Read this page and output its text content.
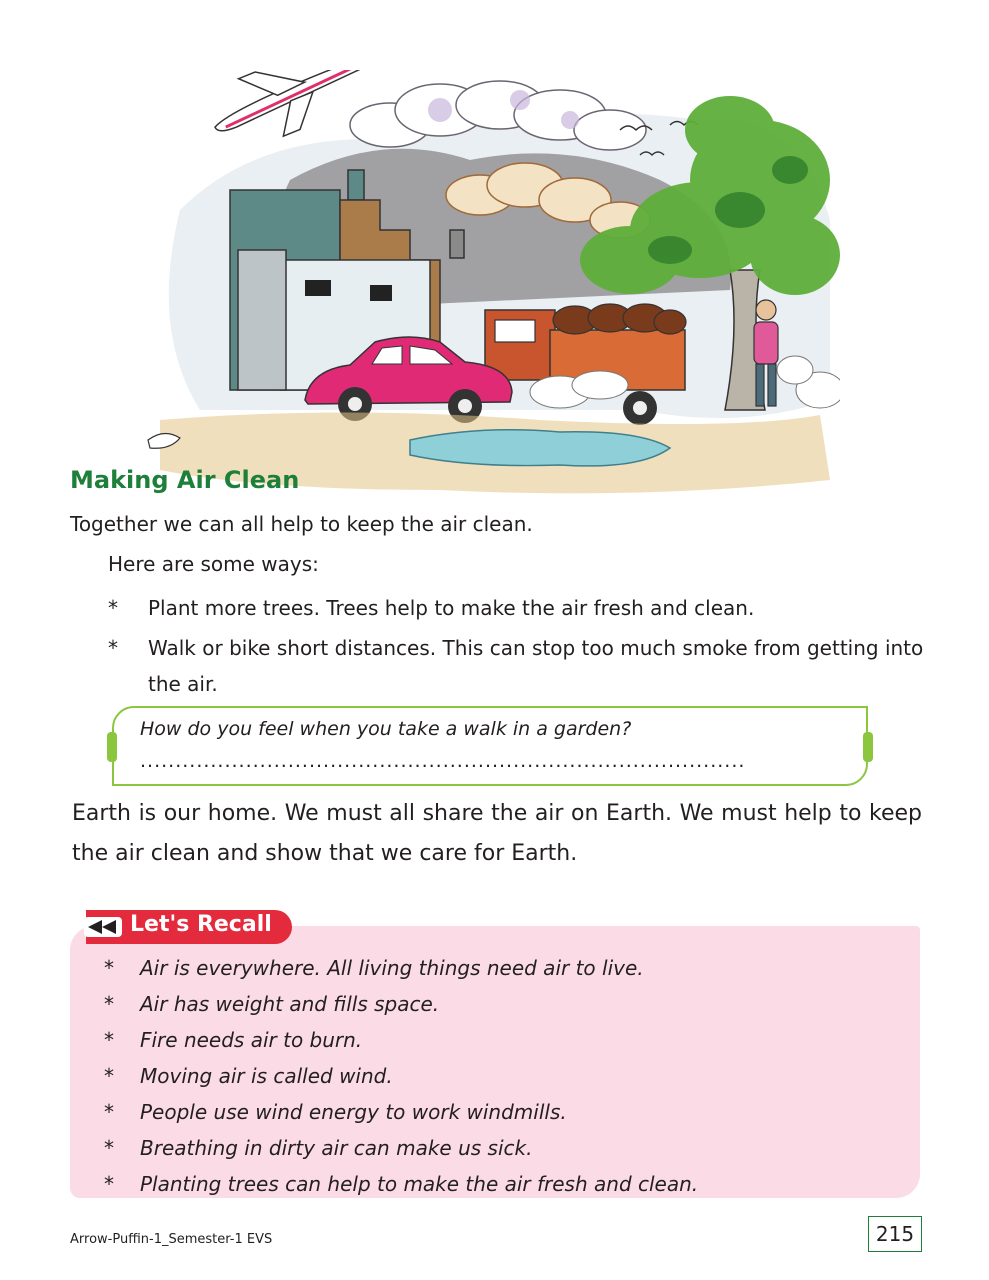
Making Air Clean
Together we can all help to keep the air clean.
Here are some ways:
* Plant more trees. Trees help to make the air fresh and clean.
* Walk or bike short distances. This can stop too much smoke from getting into the air.
How do you feel when you take a walk in a garden?
......................................................................................
Earth is our home. We must all share the air on Earth. We must help to keep the air clean and show that we care for Earth.
Let's Recall
* Air is everywhere. All living things need air to live.
* Air has weight and fills space.
* Fire needs air to burn.
* Moving air is called wind.
* People use wind energy to work windmills.
* Breathing in dirty air can make us sick.
* Planting trees can help to make the air fresh and clean.
Arrow-Puffin-1_Semester-1 EVS	215
